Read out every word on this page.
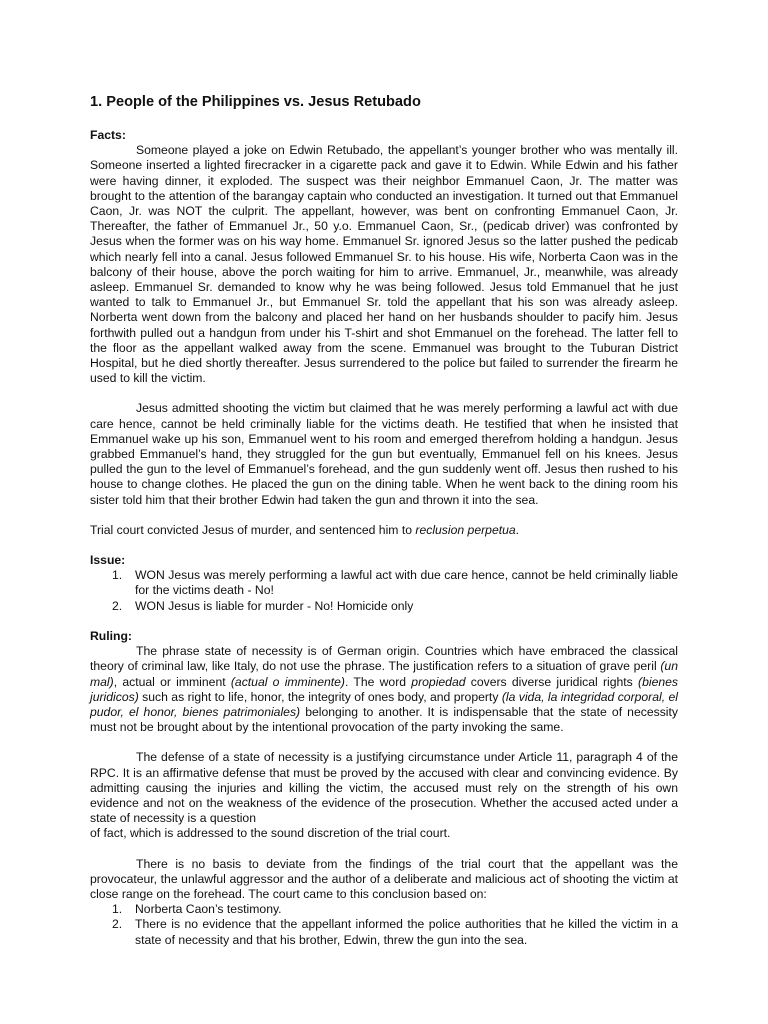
1. People of the Philippines vs. Jesus Retubado
Facts:

Someone played a joke on Edwin Retubado, the appellant’s younger brother who was mentally ill. Someone inserted a lighted firecracker in a cigarette pack and gave it to Edwin. While Edwin and his father were having dinner, it exploded. The suspect was their neighbor Emmanuel Caon, Jr. The matter was brought to the attention of the barangay captain who conducted an investigation. It turned out that Emmanuel Caon, Jr. was NOT the culprit. The appellant, however, was bent on confronting Emmanuel Caon, Jr. Thereafter, the father of Emmanuel Jr., 50 y.o. Emmanuel Caon, Sr., (pedicab driver) was confronted by Jesus when the former was on his way home. Emmanuel Sr. ignored Jesus so the latter pushed the pedicab which nearly fell into a canal. Jesus followed Emmanuel Sr. to his house. His wife, Norberta Caon was in the balcony of their house, above the porch waiting for him to arrive. Emmanuel, Jr., meanwhile, was already asleep. Emmanuel Sr. demanded to know why he was being followed. Jesus told Emmanuel that he just wanted to talk to Emmanuel Jr., but Emmanuel Sr. told the appellant that his son was already asleep. Norberta went down from the balcony and placed her hand on her husbands shoulder to pacify him. Jesus forthwith pulled out a handgun from under his T-shirt and shot Emmanuel on the forehead. The latter fell to the floor as the appellant walked away from the scene. Emmanuel was brought to the Tuburan District Hospital, but he died shortly thereafter. Jesus surrendered to the police but failed to surrender the firearm he used to kill the victim.

Jesus admitted shooting the victim but claimed that he was merely performing a lawful act with due care hence, cannot be held criminally liable for the victims death. He testified that when he insisted that Emmanuel wake up his son, Emmanuel went to his room and emerged therefrom holding a handgun. Jesus grabbed Emmanuel’s hand, they struggled for the gun but eventually, Emmanuel fell on his knees. Jesus pulled the gun to the level of Emmanuel’s forehead, and the gun suddenly went off. Jesus then rushed to his house to change clothes. He placed the gun on the dining table. When he went back to the dining room his sister told him that their brother Edwin had taken the gun and thrown it into the sea.

Trial court convicted Jesus of murder, and sentenced him to reclusion perpetua.

Issue:
1. WON Jesus was merely performing a lawful act with due care hence, cannot be held criminally liable for the victims death - No!
2. WON Jesus is liable for murder - No! Homicide only
Ruling:

The phrase state of necessity is of German origin. Countries which have embraced the classical theory of criminal law, like Italy, do not use the phrase. The justification refers to a situation of grave peril (un mal), actual or imminent (actual o imminente). The word propiedad covers diverse juridical rights (bienes juridicos) such as right to life, honor, the integrity of ones body, and property (la vida, la integridad corporal, el pudor, el honor, bienes patrimoniales) belonging to another. It is indispensable that the state of necessity must not be brought about by the intentional provocation of the party invoking the same.

The defense of a state of necessity is a justifying circumstance under Article 11, paragraph 4 of the RPC. It is an affirmative defense that must be proved by the accused with clear and convincing evidence. By admitting causing the injuries and killing the victim, the accused must rely on the strength of his own evidence and not on the weakness of the evidence of the prosecution. Whether the accused acted under a state of necessity is a question

of fact, which is addressed to the sound discretion of the trial court.

There is no basis to deviate from the findings of the trial court that the appellant was the provocateur, the unlawful aggressor and the author of a deliberate and malicious act of shooting the victim at close range on the forehead. The court came to this conclusion based on:

1. Norberta Caon’s testimony.
2. There is no evidence that the appellant informed the police authorities that he killed the victim in a state of necessity and that his brother, Edwin, threw the gun into the sea.
